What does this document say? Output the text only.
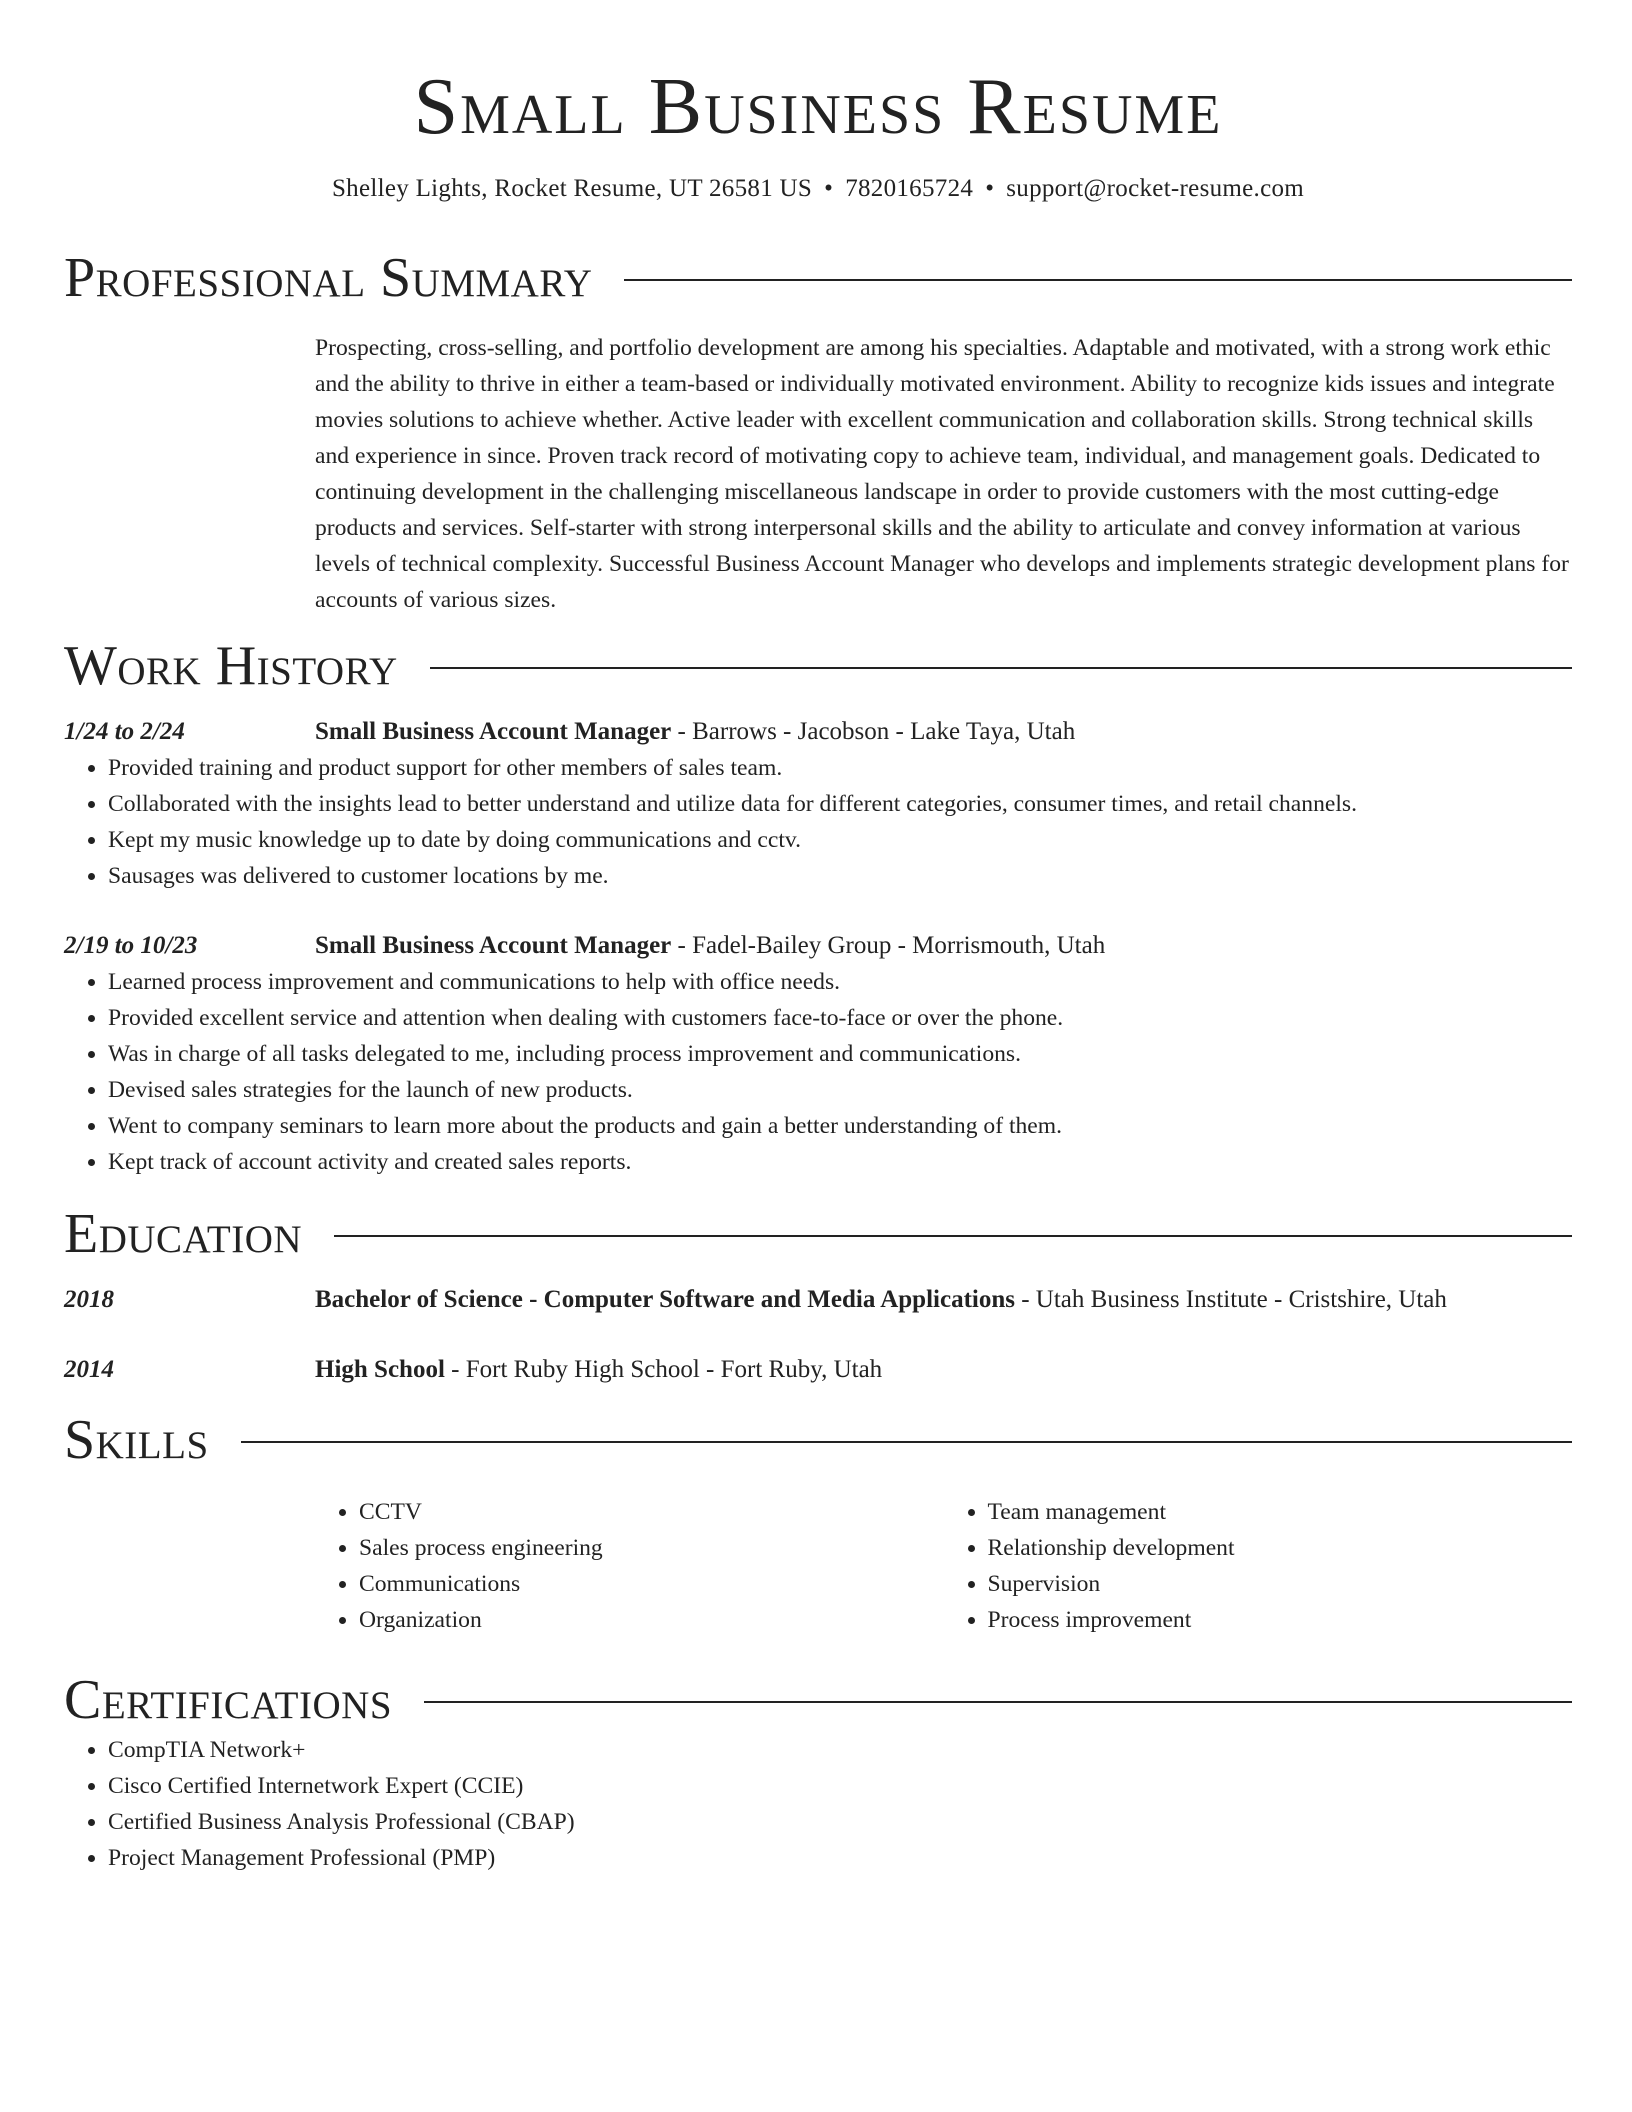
Small Business Resume
Shelley Lights, Rocket Resume, UT 26581 US • 7820165724 • support@rocket-resume.com
Professional Summary
Prospecting, cross-selling, and portfolio development are among his specialties. Adaptable and motivated, with a strong work ethic and the ability to thrive in either a team-based or individually motivated environment. Ability to recognize kids issues and integrate movies solutions to achieve whether. Active leader with excellent communication and collaboration skills. Strong technical skills and experience in since. Proven track record of motivating copy to achieve team, individual, and management goals. Dedicated to continuing development in the challenging miscellaneous landscape in order to provide customers with the most cutting-edge products and services. Self-starter with strong interpersonal skills and the ability to articulate and convey information at various levels of technical complexity. Successful Business Account Manager who develops and implements strategic development plans for accounts of various sizes.
Work History
1/24 to 2/24	Small Business Account Manager - Barrows - Jacobson - Lake Taya, Utah
• Provided training and product support for other members of sales team.
• Collaborated with the insights lead to better understand and utilize data for different categories, consumer times, and retail channels.
• Kept my music knowledge up to date by doing communications and cctv.
• Sausages was delivered to customer locations by me.
2/19 to 10/23	Small Business Account Manager - Fadel-Bailey Group - Morrismouth, Utah
• Learned process improvement and communications to help with office needs.
• Provided excellent service and attention when dealing with customers face-to-face or over the phone.
• Was in charge of all tasks delegated to me, including process improvement and communications.
• Devised sales strategies for the launch of new products.
• Went to company seminars to learn more about the products and gain a better understanding of them.
• Kept track of account activity and created sales reports.
Education
2018	Bachelor of Science - Computer Software and Media Applications - Utah Business Institute - Cristshire, Utah
2014	High School - Fort Ruby High School - Fort Ruby, Utah
Skills
• CCTV
• Sales process engineering
• Communications
• Organization
• Team management
• Relationship development
• Supervision
• Process improvement
Certifications
• CompTIA Network+
• Cisco Certified Internetwork Expert (CCIE)
• Certified Business Analysis Professional (CBAP)
• Project Management Professional (PMP)
